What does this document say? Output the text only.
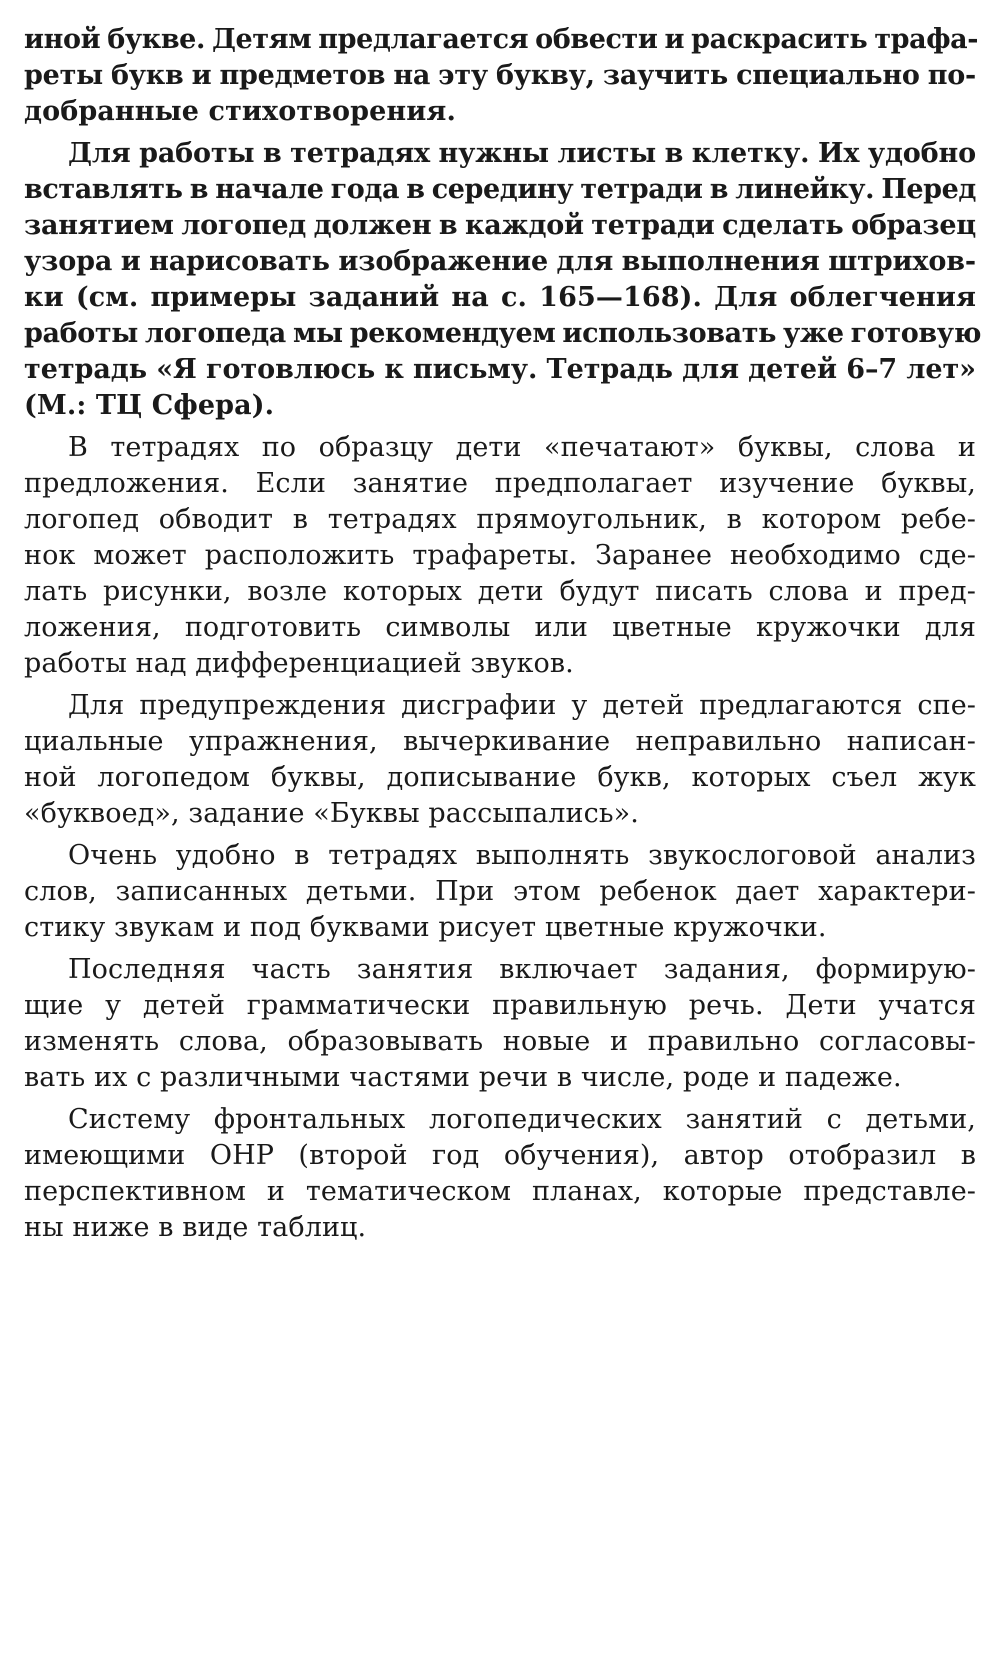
иной букве. Детям предлагается обвести и раскрасить трафа-
реты букв и предметов на эту букву, заучить специально по-
добранные стихотворения.
Для работы в тетрадях нужны листы в клетку. Их удобно
вставлять в начале года в середину тетради в линейку. Перед
занятием логопед должен в каждой тетради сделать образец
узора и нарисовать изображение для выполнения штрихов-
ки (см. примеры заданий на с. 165—168). Для облегчения
работы логопеда мы рекомендуем использовать уже готовую
тетрадь «Я готовлюсь к письму. Тетрадь для детей 6–7 лет»
(М.: ТЦ Сфера).
В тетрадях по образцу дети «печатают» буквы, слова и
предложения. Если занятие предполагает изучение буквы,
логопед обводит в тетрадях прямоугольник, в котором ребе-
нок может расположить трафареты. Заранее необходимо сде-
лать рисунки, возле которых дети будут писать слова и пред-
ложения, подготовить символы или цветные кружочки для
работы над дифференциацией звуков.
Для предупреждения дисграфии у детей предлагаются спе-
циальные упражнения, вычеркивание неправильно написан-
ной логопедом буквы, дописывание букв, которых съел жук
«буквоед», задание «Буквы рассыпались».
Очень удобно в тетрадях выполнять звукослоговой анализ
слов, записанных детьми. При этом ребенок дает характери-
стику звукам и под буквами рисует цветные кружочки.
Последняя часть занятия включает задания, формирую-
щие у детей грамматически правильную речь. Дети учатся
изменять слова, образовывать новые и правильно согласовы-
вать их с различными частями речи в числе, роде и падеже.
Систему фронтальных логопедических занятий с детьми,
имеющими ОНР (второй год обучения), автор отобразил в
перспективном и тематическом планах, которые представле-
ны ниже в виде таблиц.
